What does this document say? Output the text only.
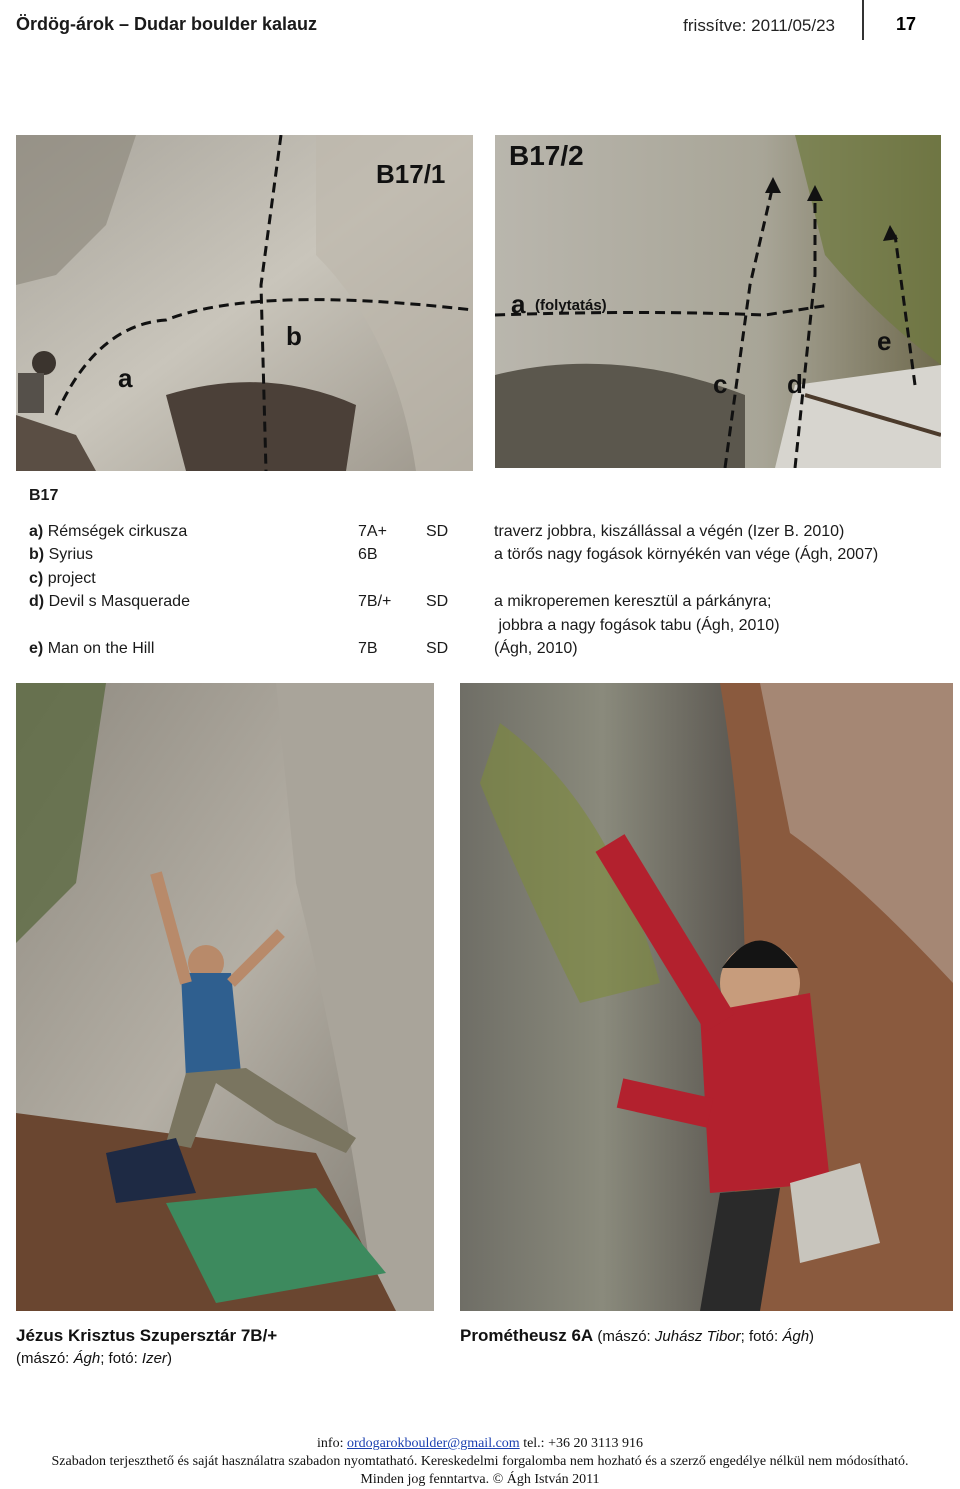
Ördög-árok – Dudar boulder kalauz	frissítve: 2011/05/23	17
B17/1
a
b
B17/2
a (folytatás)
c d
e
B17
a) Rémségek cirkusza	7A+ SD	traverz jobbra, kiszállással a végén (Izer B. 2010)
b) Syrius	6B	a törős nagy fogások környékén van vége (Ágh, 2007)
c) project
d) Devil s Masquerade	7B/+ SD	a mikroperemen keresztül a párkányra;
jobbra a nagy fogások tabu (Ágh, 2010)
e) Man on the Hill	7B	SD	(Ágh, 2010)
Jézus Krisztus Szupersztár 7B/+
(mászó: Ágh; fotó: Izer)
Prométheusz 6A (mászó: Juhász Tibor; fotó: Ágh)
info: ordogarokboulder@gmail.com tel.: +36 20 3113 916
Szabadon terjeszthető és saját használatra szabadon nyomtatható. Kereskedelmi forgalomba nem hozható és a szerző engedélye nélkül nem módosítható.
Minden jog fenntartva. © Ágh István 2011
